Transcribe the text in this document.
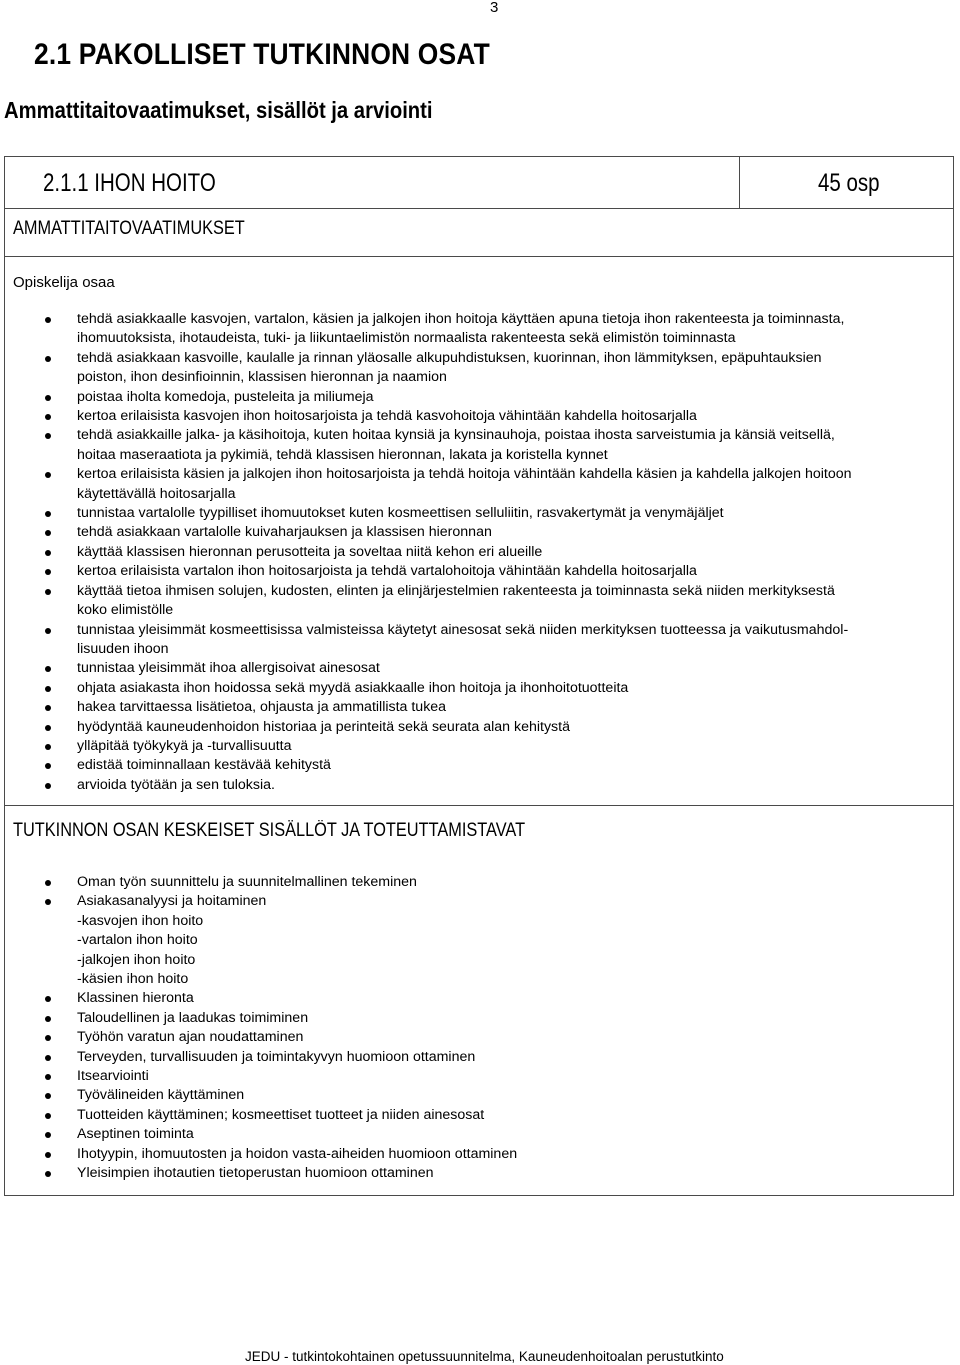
3
2.1 PAKOLLISET TUTKINNON OSAT
Ammattitaitovaatimukset, sisällöt ja arviointi
2.1.1 IHON HOITO	45 osp
AMMATTITAITOVAATIMUKSET
Opiskelija osaa
tehdä asiakkaalle kasvojen, vartalon, käsien ja jalkojen ihon hoitoja käyttäen apuna tietoja ihon rakenteesta ja toiminnasta,
ihomuutoksista, ihotaudeista, tuki- ja liikuntaelimistön normaalista rakenteesta sekä elimistön toiminnasta
tehdä asiakkaan kasvoille, kaulalle ja rinnan yläosalle alkupuhdistuksen, kuorinnan, ihon lämmityksen, epäpuhtauksien
poiston, ihon desinfioinnin, klassisen hieronnan ja naamion
poistaa iholta komedoja, pusteleita ja miliumeja
kertoa erilaisista kasvojen ihon hoitosarjoista ja tehdä kasvohoitoja vähintään kahdella hoitosarjalla
tehdä asiakkaille jalka- ja käsihoitoja, kuten hoitaa kynsiä ja kynsinauhoja, poistaa ihosta sarveistumia ja känsiä veitsellä,
hoitaa maseraatiota ja pykimiä, tehdä klassisen hieronnan, lakata ja koristella kynnet
kertoa erilaisista käsien ja jalkojen ihon hoitosarjoista ja tehdä hoitoja vähintään kahdella käsien ja kahdella jalkojen hoitoon
käytettävällä hoitosarjalla
tunnistaa vartalolle tyypilliset ihomuutokset kuten kosmeettisen selluliitin, rasvakertymät ja venymäjäljet
tehdä asiakkaan vartalolle kuivaharjauksen ja klassisen hieronnan
käyttää klassisen hieronnan perusotteita ja soveltaa niitä kehon eri alueille
kertoa erilaisista vartalon ihon hoitosarjoista ja tehdä vartalohoitoja vähintään kahdella hoitosarjalla
käyttää tietoa ihmisen solujen, kudosten, elinten ja elinjärjestelmien rakenteesta ja toiminnasta sekä niiden merkityksestä
koko elimistölle
tunnistaa yleisimmät kosmeettisissa valmisteissa käytetyt ainesosat sekä niiden merkityksen tuotteessa ja vaikutusmahdol-
lisuuden ihoon
tunnistaa yleisimmät ihoa allergisoivat ainesosat
ohjata asiakasta ihon hoidossa sekä myydä asiakkaalle ihon hoitoja ja ihonhoitotuotteita
hakea tarvittaessa lisätietoa, ohjausta ja ammatillista tukea
hyödyntää kauneudenhoidon historiaa ja perinteitä sekä seurata alan kehitystä
ylläpitää työkykyä ja -turvallisuutta
edistää toiminnallaan kestävää kehitystä
arvioida työtään ja sen tuloksia.
TUTKINNON OSAN KESKEISET SISÄLLÖT JA TOTEUTTAMISTAVAT
Oman työn suunnittelu ja suunnitelmallinen tekeminen
Asiakasanalyysi ja hoitaminen
-kasvojen ihon hoito
-vartalon ihon hoito
-jalkojen ihon hoito
-käsien ihon hoito
Klassinen hieronta
Taloudellinen ja laadukas toimiminen
Työhön varatun ajan noudattaminen
Terveyden, turvallisuuden ja toimintakyvyn huomioon ottaminen
Itsearviointi
Työvälineiden käyttäminen
Tuotteiden käyttäminen; kosmeettiset tuotteet ja niiden ainesosat
Aseptinen toiminta
Ihotyypin, ihomuutosten ja hoidon vasta-aiheiden huomioon ottaminen
Yleisimpien ihotautien tietoperustan huomioon ottaminen
JEDU - tutkintokohtainen opetussuunnitelma, Kauneudenhoitoalan perustutkinto
